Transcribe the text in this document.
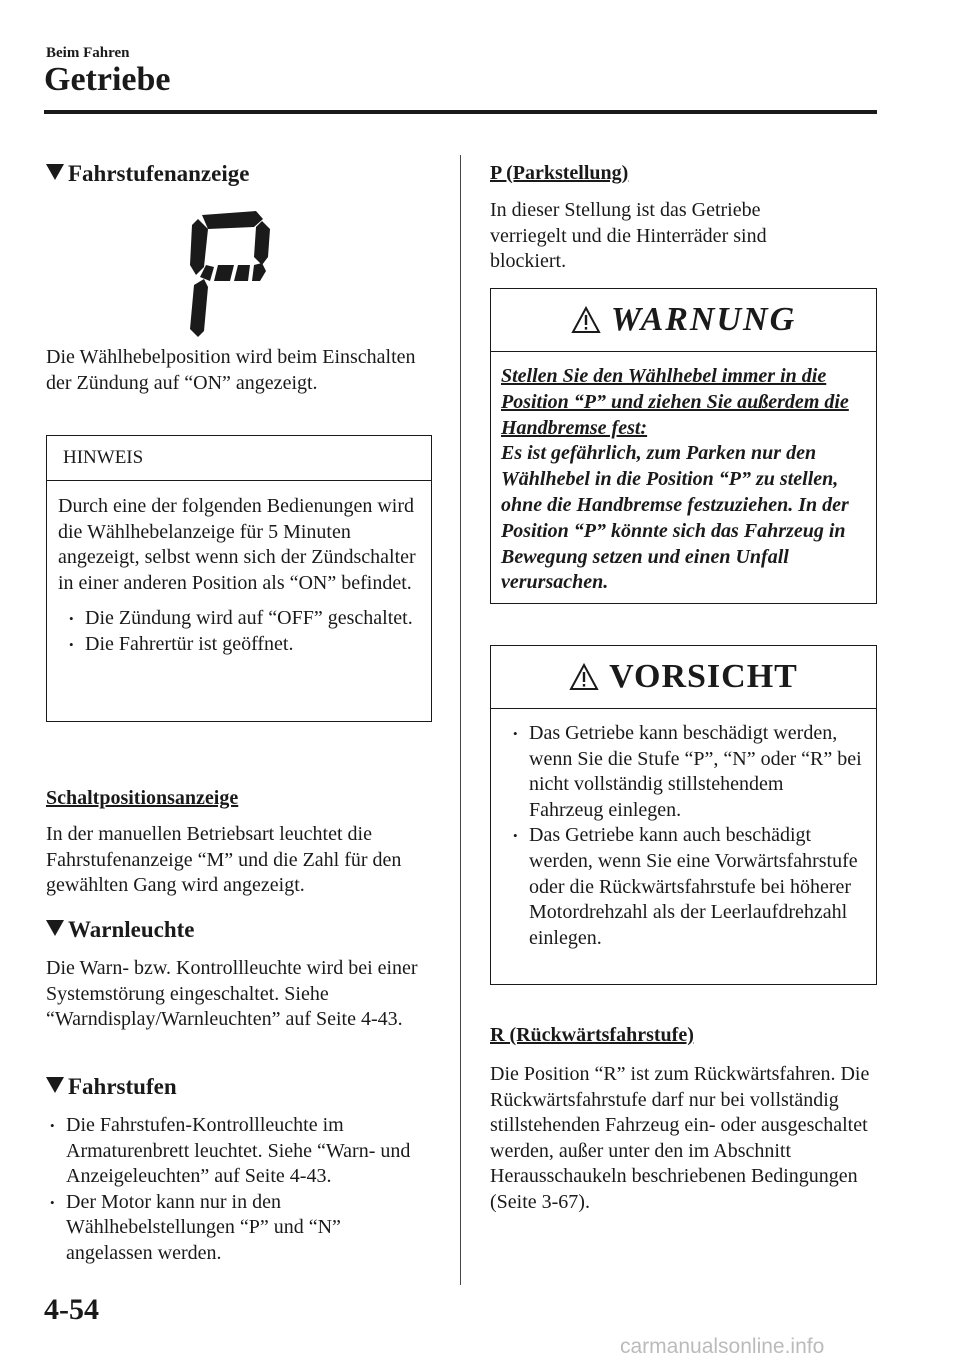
Beim Fahren
Getriebe
Fahrstufenanzeige

Die Wählhebelposition wird beim Einschalten der Zündung auf “ON” angezeigt.

HINWEIS

Durch eine der folgenden Bedienungen wird die Wählhebelanzeige für 5 Minuten angezeigt, selbst wenn sich der Zündschalter in einer anderen Position als “ON” befindet.

• Die Zündung wird auf “OFF” geschaltet.
• Die Fahrertür ist geöffnet.
Schaltpositionsanzeige

In der manuellen Betriebsart leuchtet die Fahrstufenanzeige “M” und die Zahl für den gewählten Gang wird angezeigt.

Warnleuchte

Die Warn- bzw. Kontrollleuchte wird bei einer Systemstörung eingeschaltet. Siehe “Warndisplay/Warnleuchten” auf Seite 4-43.

Fahrstufen
• Die Fahrstufen-Kontrollleuchte im Armaturenbrett leuchtet. Siehe “Warn- und Anzeigeleuchten” auf Seite 4-43.
• Der Motor kann nur in den Wählhebelstellungen “P” und “N” angelassen werden.
P (Parkstellung)

In dieser Stellung ist das Getriebe verriegelt und die Hinterräder sind blockiert.

WARNUNG

Stellen Sie den Wählhebel immer in die Position “P” und ziehen Sie außerdem die Handbremse fest:

Es ist gefährlich, zum Parken nur den Wählhebel in die Position “P” zu stellen, ohne die Handbremse festzuziehen. In der Position “P” könnte sich das Fahrzeug in Bewegung setzen und einen Unfall verursachen.

VORSICHT
• Das Getriebe kann beschädigt werden, wenn Sie die Stufe “P”, “N” oder “R” bei nicht vollständig stillstehendem Fahrzeug einlegen.
• Das Getriebe kann auch beschädigt werden, wenn Sie eine Vorwärtsfahrstufe oder die Rückwärtsfahrstufe bei höherer Motordrehzahl als der Leerlaufdrehzahl einlegen.
R (Rückwärtsfahrstufe)

Die Position “R” ist zum Rückwärtsfahren. Die Rückwärtsfahrstufe darf nur bei vollständig stillstehenden Fahrzeug ein- oder ausgeschaltet werden, außer unter den im Abschnitt Herausschaukeln beschriebenen Bedingungen (Seite 3-67).

4-54
carmanualsonline.info
